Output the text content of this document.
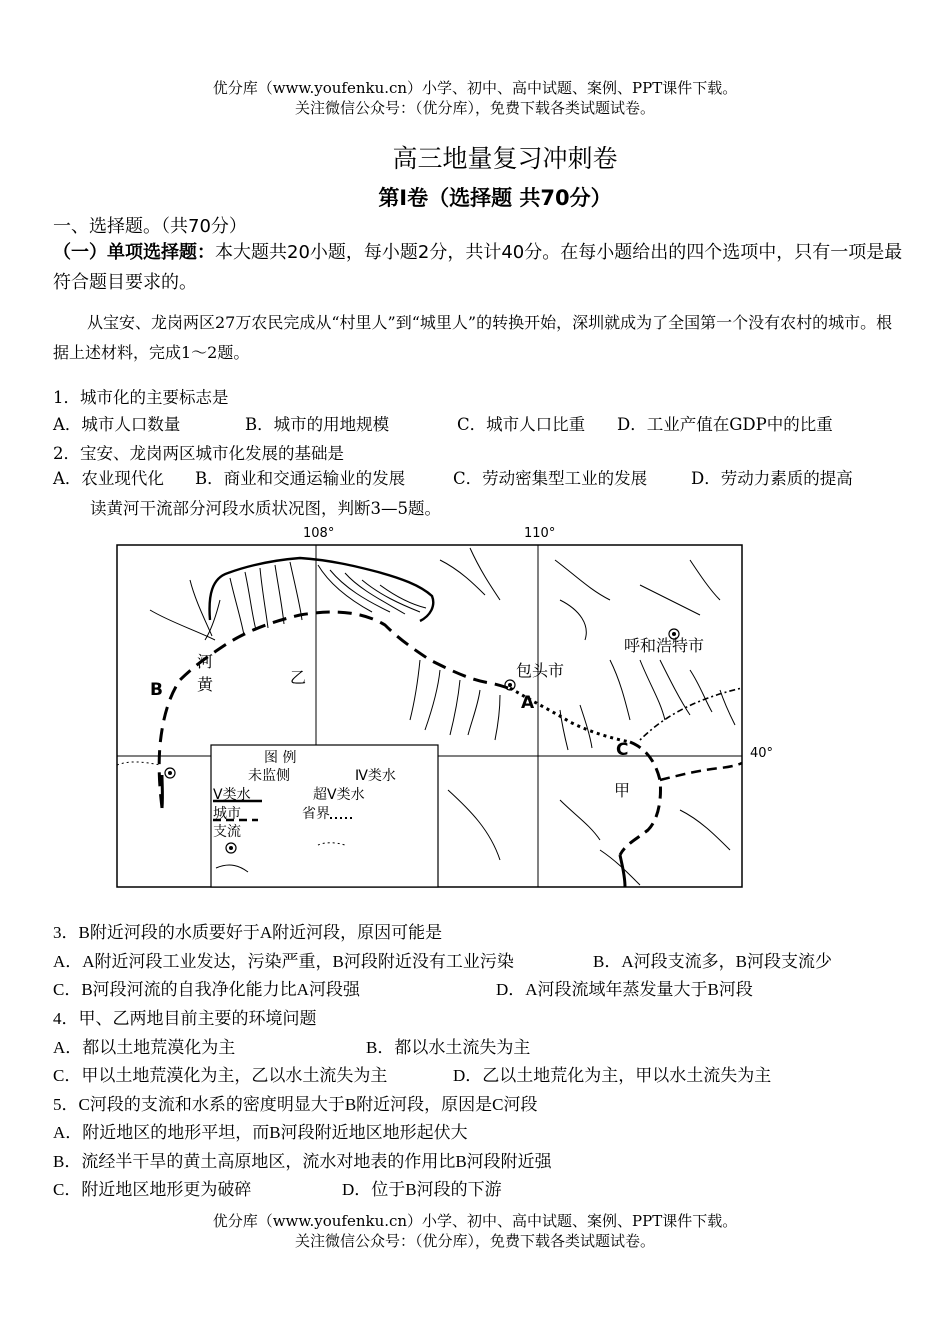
优分库（www.youfenku.cn）小学、初中、高中试题、案例、PPT课件下载。
关注微信公众号：（优分库），免费下载各类试题试卷。
高三地量复习冲刺卷
第Ⅰ卷（选择题 共70分）
一、选择题。（共70分）
（一）单项选择题：本大题共20小题，每小题2分，共计40分。在每小题给出的四个选项中，只有一项是最符合题目要求的。
从宝安、龙岗两区27万农民完成从“村里人”到“城里人”的转换开始，深圳就成为了全国第一个没有农村的城市。根据上述材料，完成1～2题。
1．城市化的主要标志是
A．城市人口数量	B．城市的用地规模	C．城市人口比重 D．工业产值在GDP中的比重
2．宝安、龙岗两区城市化发展的基础是
A．农业现代化 B．商业和交通运输业的发展	C．劳动密集型工业的发展	D．劳动力素质的提高
读黄河干流部分河段水质状况图，判断3—5题。
108°	110°
40°
B
A
C
河
黄	乙
甲
包头市
呼和浩特市
图 例
未监侧	Ⅳ类水
Ⅴ类水	超Ⅴ类水
城市	省界
支流
3．B附近河段的水质要好于A附近河段，原因可能是
A．A附近河段工业发达，污染严重，B河段附近没有工业污染	B．A河段支流多，B河段支流少
C．B河段河流的自我净化能力比A河段强	D．A河段流域年蒸发量大于B河段
4．甲、乙两地目前主要的环境问题
A．都以土地荒漠化为主	B．都以水土流失为主
C．甲以土地荒漠化为主，乙以水土流失为主	D．乙以土地荒化为主，甲以水土流失为主
5．C河段的支流和水系的密度明显大于B附近河段，原因是C河段
A．附近地区的地形平坦，而B河段附近地区地形起伏大
B．流经半干旱的黄土高原地区，流水对地表的作用比B河段附近强
C．附近地区地形更为破碎	D．位于B河段的下游
优分库（www.youfenku.cn）小学、初中、高中试题、案例、PPT课件下载。
关注微信公众号：（优分库），免费下载各类试题试卷。
